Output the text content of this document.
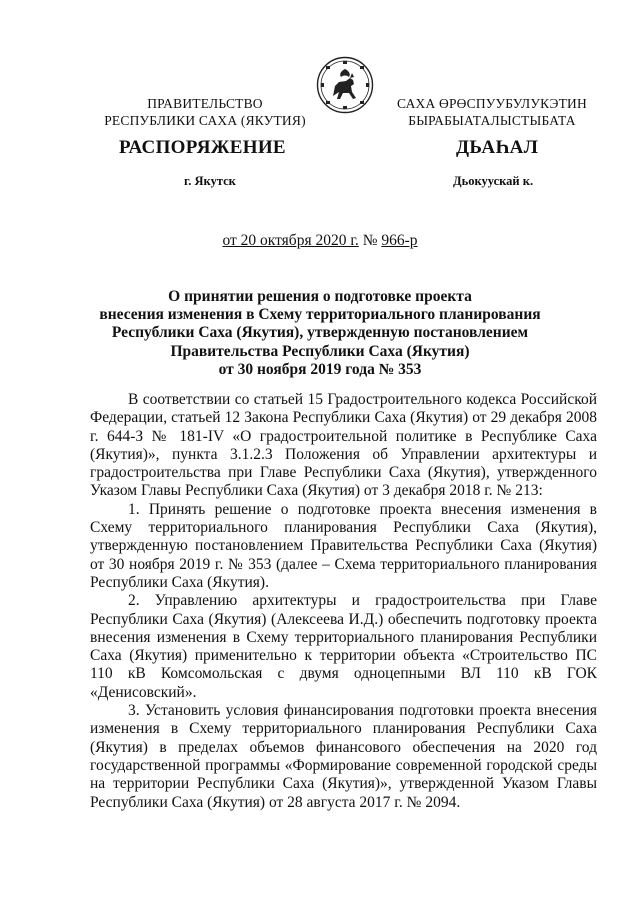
ПРАВИТЕЛЬСТВО
РЕСПУБЛИКИ САХА (ЯКУТИЯ)
САХА ӨРӨСПУУБУЛУКЭТИН
БЫРАБЫАТАЛЫСТЫБАТА
РАСПОРЯЖЕНИЕ	ДЬАҺАЛ
г. Якутск	Дьокуускай к.
от 20 октября 2020 г. № 966-р
О принятии решения о подготовке проекта
внесения изменения в Схему территориального планирования
Республики Саха (Якутия), утвержденную постановлением
Правительства Республики Саха (Якутия)
от 30 ноября 2019 года № 353

В соответствии со статьей 15 Градостроительного кодекса Российской Федерации, статьей 12 Закона Республики Саха (Якутия) от 29 декабря 2008 г. 644-З № 181-IV «О градостроительной политике в Республике Саха (Якутия)», пункта 3.1.2.3 Положения об Управлении архитектуры и градостроительства при Главе Республики Саха (Якутия), утвержденного Указом Главы Республики Саха (Якутия) от 3 декабря 2018 г. № 213:

1. Принять решение о подготовке проекта внесения изменения в Схему территориального планирования Республики Саха (Якутия), утвержденную постановлением Правительства Республики Саха (Якутия) от 30 ноября 2019 г. № 353 (далее – Схема территориального планирования Республики Саха (Якутия).

2. Управлению архитектуры и градостроительства при Главе Республики Саха (Якутия) (Алексеева И.Д.) обеспечить подготовку проекта внесения изменения в Схему территориального планирования Республики Саха (Якутия) применительно к территории объекта «Строительство ПС 110 кВ Комсомольская с двумя одноцепными ВЛ 110 кВ ГОК «Денисовский».

3. Установить условия финансирования подготовки проекта внесения изменения в Схему территориального планирования Республики Саха (Якутия) в пределах объемов финансового обеспечения на 2020 год государственной программы «Формирование современной городской среды на территории Республики Саха (Якутия)», утвержденной Указом Главы Республики Саха (Якутия) от 28 августа 2017 г. № 2094.
